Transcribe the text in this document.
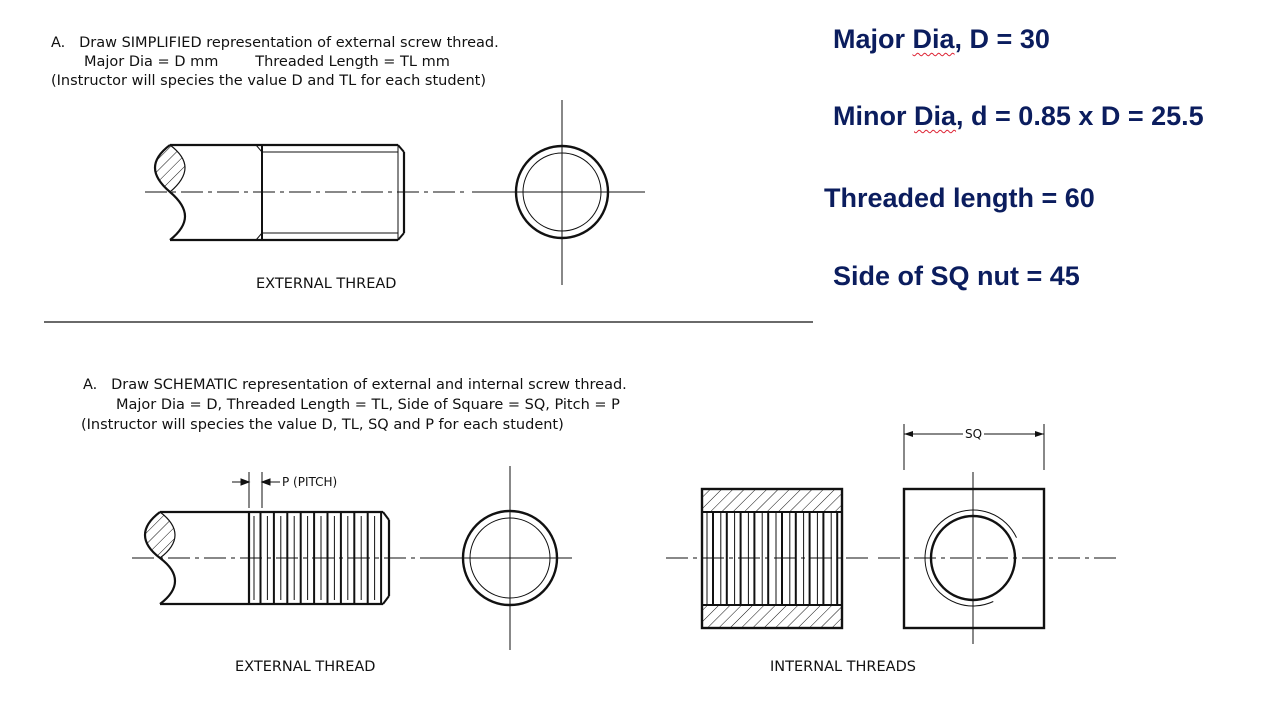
A.   Draw SIMPLIFIED representation of external screw thread.
Major Dia = D mm        Threaded Length = TL mm
(Instructor will species the value D and TL for each student)
EXTERNAL THREAD
Major Dia, D = 30
Minor Dia, d = 0.85 x D = 25.5
Threaded length = 60
Side of SQ nut = 45
A.   Draw SCHEMATIC representation of external and internal screw thread.
Major Dia = D, Threaded Length = TL, Side of Square = SQ, Pitch = P
(Instructor will species the value D, TL, SQ and P for each student)
EXTERNAL THREAD	INTERNAL THREADS
P (PITCH)
SQ
